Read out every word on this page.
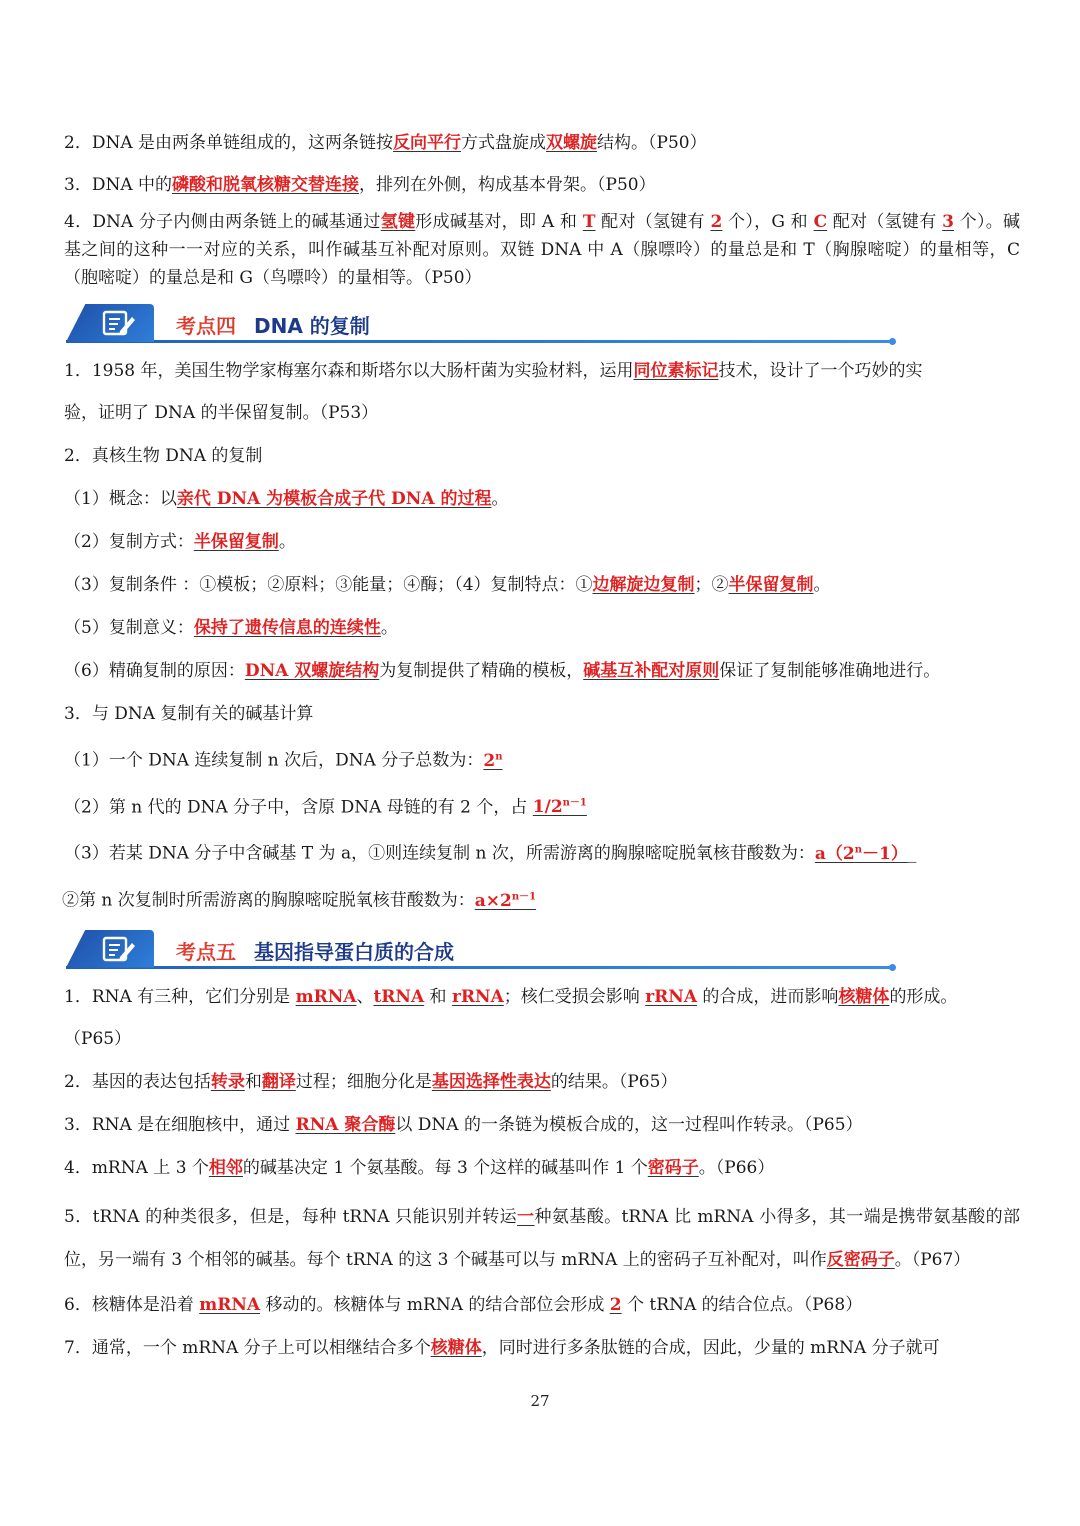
2．DNA 是由两条单链组成的，这两条链按反向平行方式盘旋成双螺旋结构。（P50）

3．DNA 中的磷酸和脱氧核糖交替连接，排列在外侧，构成基本骨架。（P50）

4．DNA 分子内侧由两条链上的碱基通过氢键形成碱基对，即 A 和 T 配对（氢键有 2 个），G 和 C 配对（氢键有 3 个）。碱基之间的这种一一对应的关系，叫作碱基互补配对原则。双链 DNA 中 A（腺嘌呤）的量总是和 T（胸腺嘧啶）的量相等，C（胞嘧啶）的量总是和 G（鸟嘌呤）的量相等。（P50）

考点四 DNA 的复制

1．1958 年，美国生物学家梅塞尔森和斯塔尔以大肠杆菌为实验材料，运用同位素标记技术，设计了一个巧妙的实

验，证明了 DNA 的半保留复制。（P53）

2．真核生物 DNA 的复制

（1）概念：以亲代 DNA 为模板合成子代 DNA 的过程。

（2）复制方式：半保留复制。

（3）复制条件 ：①模板；②原料；③能量；④酶；（4）复制特点：①边解旋边复制；②半保留复制。

（5）复制意义：保持了遗传信息的连续性。

（6）精确复制的原因：DNA 双螺旋结构为复制提供了精确的模板，碱基互补配对原则保证了复制能够准确地进行。

3．与 DNA 复制有关的碱基计算

（1）一个 DNA 连续复制 n 次后，DNA 分子总数为：2$^n$

（2）第 n 代的 DNA 分子中，含原 DNA 母链的有 2 个，占 $1/2^{n-1}$

（3）若某 DNA 分子中含碱基 T 为 a，①则连续复制 n 次，所需游离的胸腺嘧啶脱氧核苷酸数为：$a(2^n-1)\_$

②第 n 次复制时所需游离的胸腺嘧啶脱氧核苷酸数为：$a\times 2^{n-1}$

考点五 基因指导蛋白质的合成

1．RNA 有三种，它们分别是 mRNA、tRNA 和 rRNA；核仁受损会影响 rRNA 的合成，进而影响核糖体的形成。

（P65）

2．基因的表达包括转录和翻译过程；细胞分化是基因选择性表达的结果。（P65）

3．RNA 是在细胞核中，通过 RNA 聚合酶以 DNA 的一条链为模板合成的，这一过程叫作转录。（P65）

4．mRNA 上 3 个相邻的碱基决定 1 个氨基酸。每 3 个这样的碱基叫作 1 个密码子。（P66）

5．tRNA 的种类很多，但是，每种 tRNA 只能识别并转运一种氨基酸。tRNA 比 mRNA 小得多，其一端是携带氨基酸的部位，另一端有 3 个相邻的碱基。每个 tRNA 的这 3 个碱基可以与 mRNA 上的密码子互补配对，叫作反密码子。（P67）

6．核糖体是沿着 mRNA 移动的。核糖体与 mRNA 的结合部位会形成 2 个 tRNA 的结合位点。（P68）

7．通常，一个 mRNA 分子上可以相继结合多个核糖体，同时进行多条肽链的合成，因此，少量的 mRNA 分子就可

27
